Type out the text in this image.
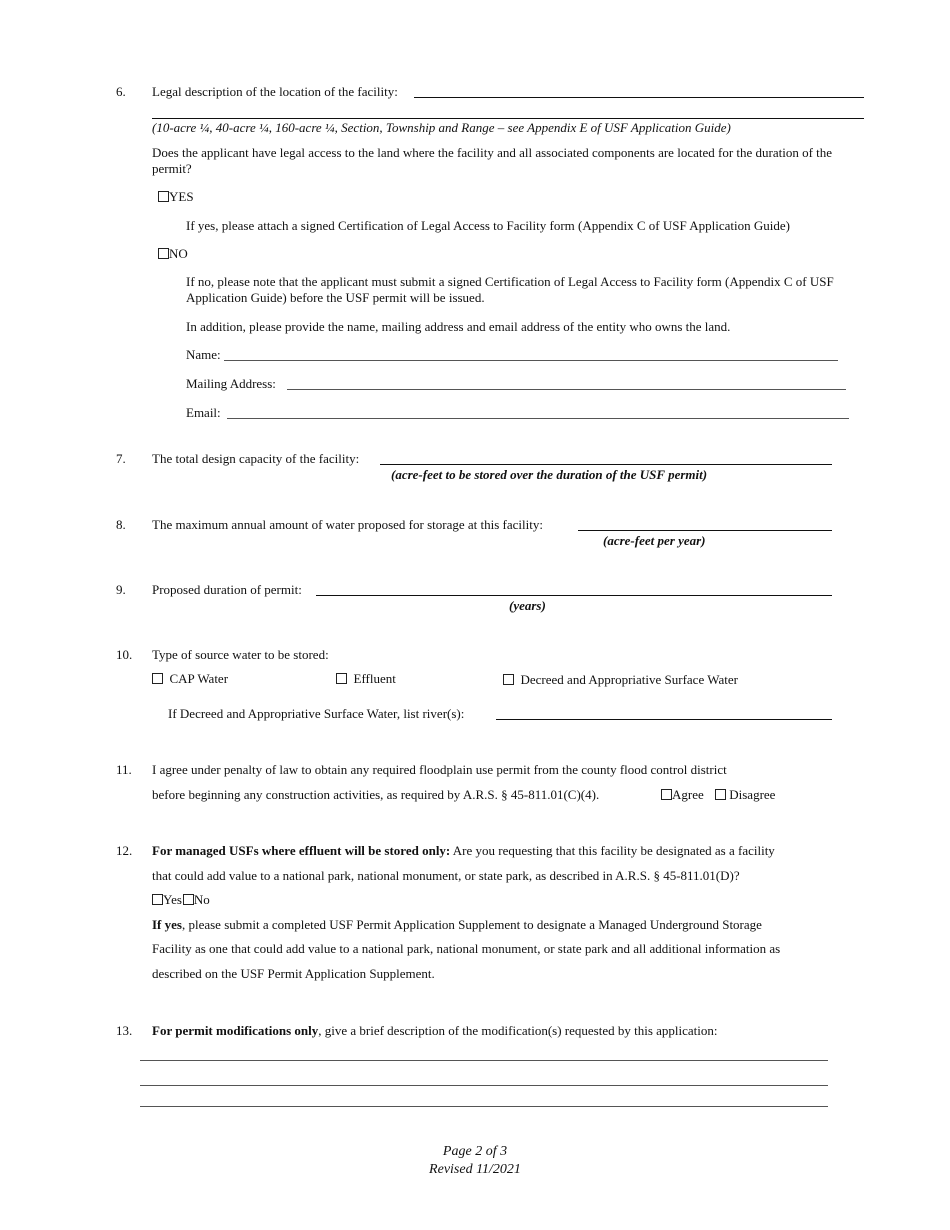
6. Legal description of the location of the facility:
(10-acre ¼, 40-acre ¼, 160-acre ¼, Section, Township and Range – see Appendix E of USF Application Guide)
Does the applicant have legal access to the land where the facility and all associated components are located for the duration of the permit?
YES
If yes, please attach a signed Certification of Legal Access to Facility form (Appendix C of USF Application Guide)
NO
If no, please note that the applicant must submit a signed Certification of Legal Access to Facility form (Appendix C of USF Application Guide) before the USF permit will be issued.
In addition, please provide the name, mailing address and email address of the entity who owns the land.
Name:
Mailing Address:
Email:
7. The total design capacity of the facility:
(acre-feet to be stored over the duration of the USF permit)
8. The maximum annual amount of water proposed for storage at this facility:
(acre-feet per year)
9. Proposed duration of permit:
(years)
10. Type of source water to be stored:
CAP Water	Effluent	Decreed and Appropriative Surface Water
If Decreed and Appropriative Surface Water, list river(s):
11. I agree under penalty of law to obtain any required floodplain use permit from the county flood control district
before beginning any construction activities, as required by A.R.S. § 45-811.01(C)(4).	Agree	Disagree
12. For managed USFs where effluent will be stored only: Are you requesting that this facility be designated as a facility
that could add value to a national park, national monument, or state park, as described in A.R.S. § 45-811.01(D)?
Yes No
If yes, please submit a completed USF Permit Application Supplement to designate a Managed Underground Storage
Facility as one that could add value to a national park, national monument, or state park and all additional information as
described on the USF Permit Application Supplement.
13. For permit modifications only, give a brief description of the modification(s) requested by this application:
Page 2 of 3
Revised 11/2021
